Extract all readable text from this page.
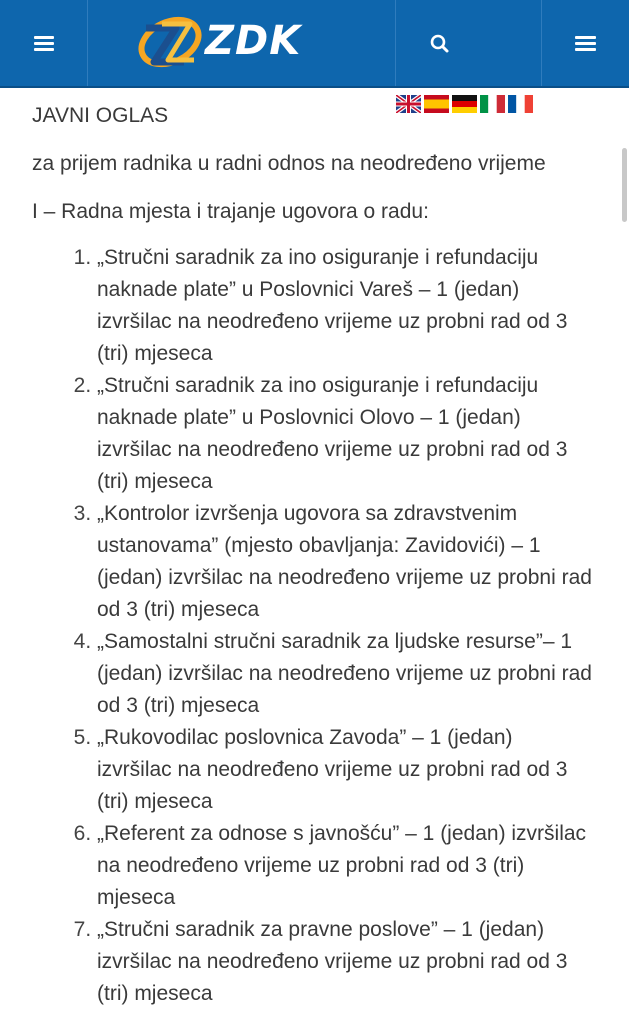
ZDK

JAVNI OGLAS

za prijem radnika u radni odnos na neodređeno vrijeme

I – Radna mjesta i trajanje ugovora o radu:

1. „Stručni saradnik za ino osiguranje i refundaciju naknade plate” u Poslovnici Vareš – 1 (jedan) izvršilac na neodređeno vrijeme uz probni rad od 3 (tri) mjeseca
2. „Stručni saradnik za ino osiguranje i refundaciju naknade plate” u Poslovnici Olovo – 1 (jedan) izvršilac na neodređeno vrijeme uz probni rad od 3 (tri) mjeseca
3. „Kontrolor izvršenja ugovora sa zdravstvenim ustanovama” (mjesto obavljanja: Zavidovići) – 1 (jedan) izvršilac na neodređeno vrijeme uz probni rad od 3 (tri) mjeseca
4. „Samostalni stručni saradnik za ljudske resurse”– 1 (jedan) izvršilac na neodređeno vrijeme uz probni rad od 3 (tri) mjeseca
5. „Rukovodilac poslovnica Zavoda” – 1 (jedan) izvršilac na neodređeno vrijeme uz probni rad od 3 (tri) mjeseca
6. „Referent za odnose s javnošću” – 1 (jedan) izvršilac na neodređeno vrijeme uz probni rad od 3 (tri) mjeseca
7. „Stručni saradnik za pravne poslove” – 1 (jedan) izvršilac na neodređeno vrijeme uz probni rad od 3 (tri) mjeseca
